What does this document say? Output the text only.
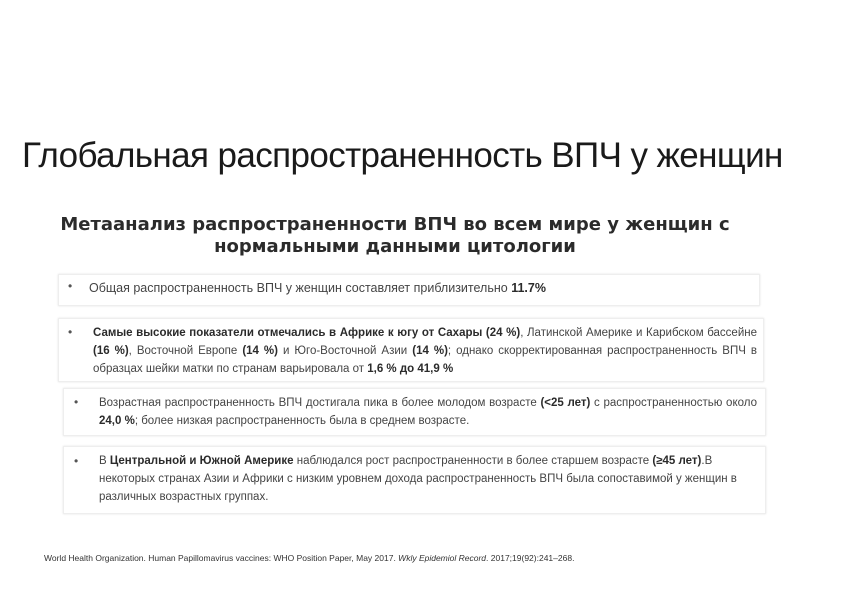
Глобальная распространенность ВПЧ у женщин
Метаанализ распространенности ВПЧ во всем мире у женщин с
нормальными данными цитологии
• Общая распространенность ВПЧ у женщин составляет приблизительно 11.7%
• Самые высокие показатели отмечались в Африке к югу от Сахары (24 %), Латинской Америке и Карибском бассейне (16 %), Восточной Европе (14 %) и Юго-Восточной Азии (14 %); однако скорректированная распространенность ВПЧ в образцах шейки матки по странам варьировала от 1,6 % до 41,9 %
• Возрастная распространенность ВПЧ достигала пика в более молодом возрасте (<25 лет) с распространенностью около 24,0 %; более низкая распространенность была в среднем возрасте.
• В Центральной и Южной Америке наблюдался рост распространенности в более старшем возрасте (≥45 лет).В некоторых странах Азии и Африки с низким уровнем дохода распространенность ВПЧ была сопоставимой у женщин в различных возрастных группах.
World Health Organization. Human Papillomavirus vaccines: WHO Position Paper, May 2017. Wkly Epidemiol Record. 2017;19(92):241–268.
